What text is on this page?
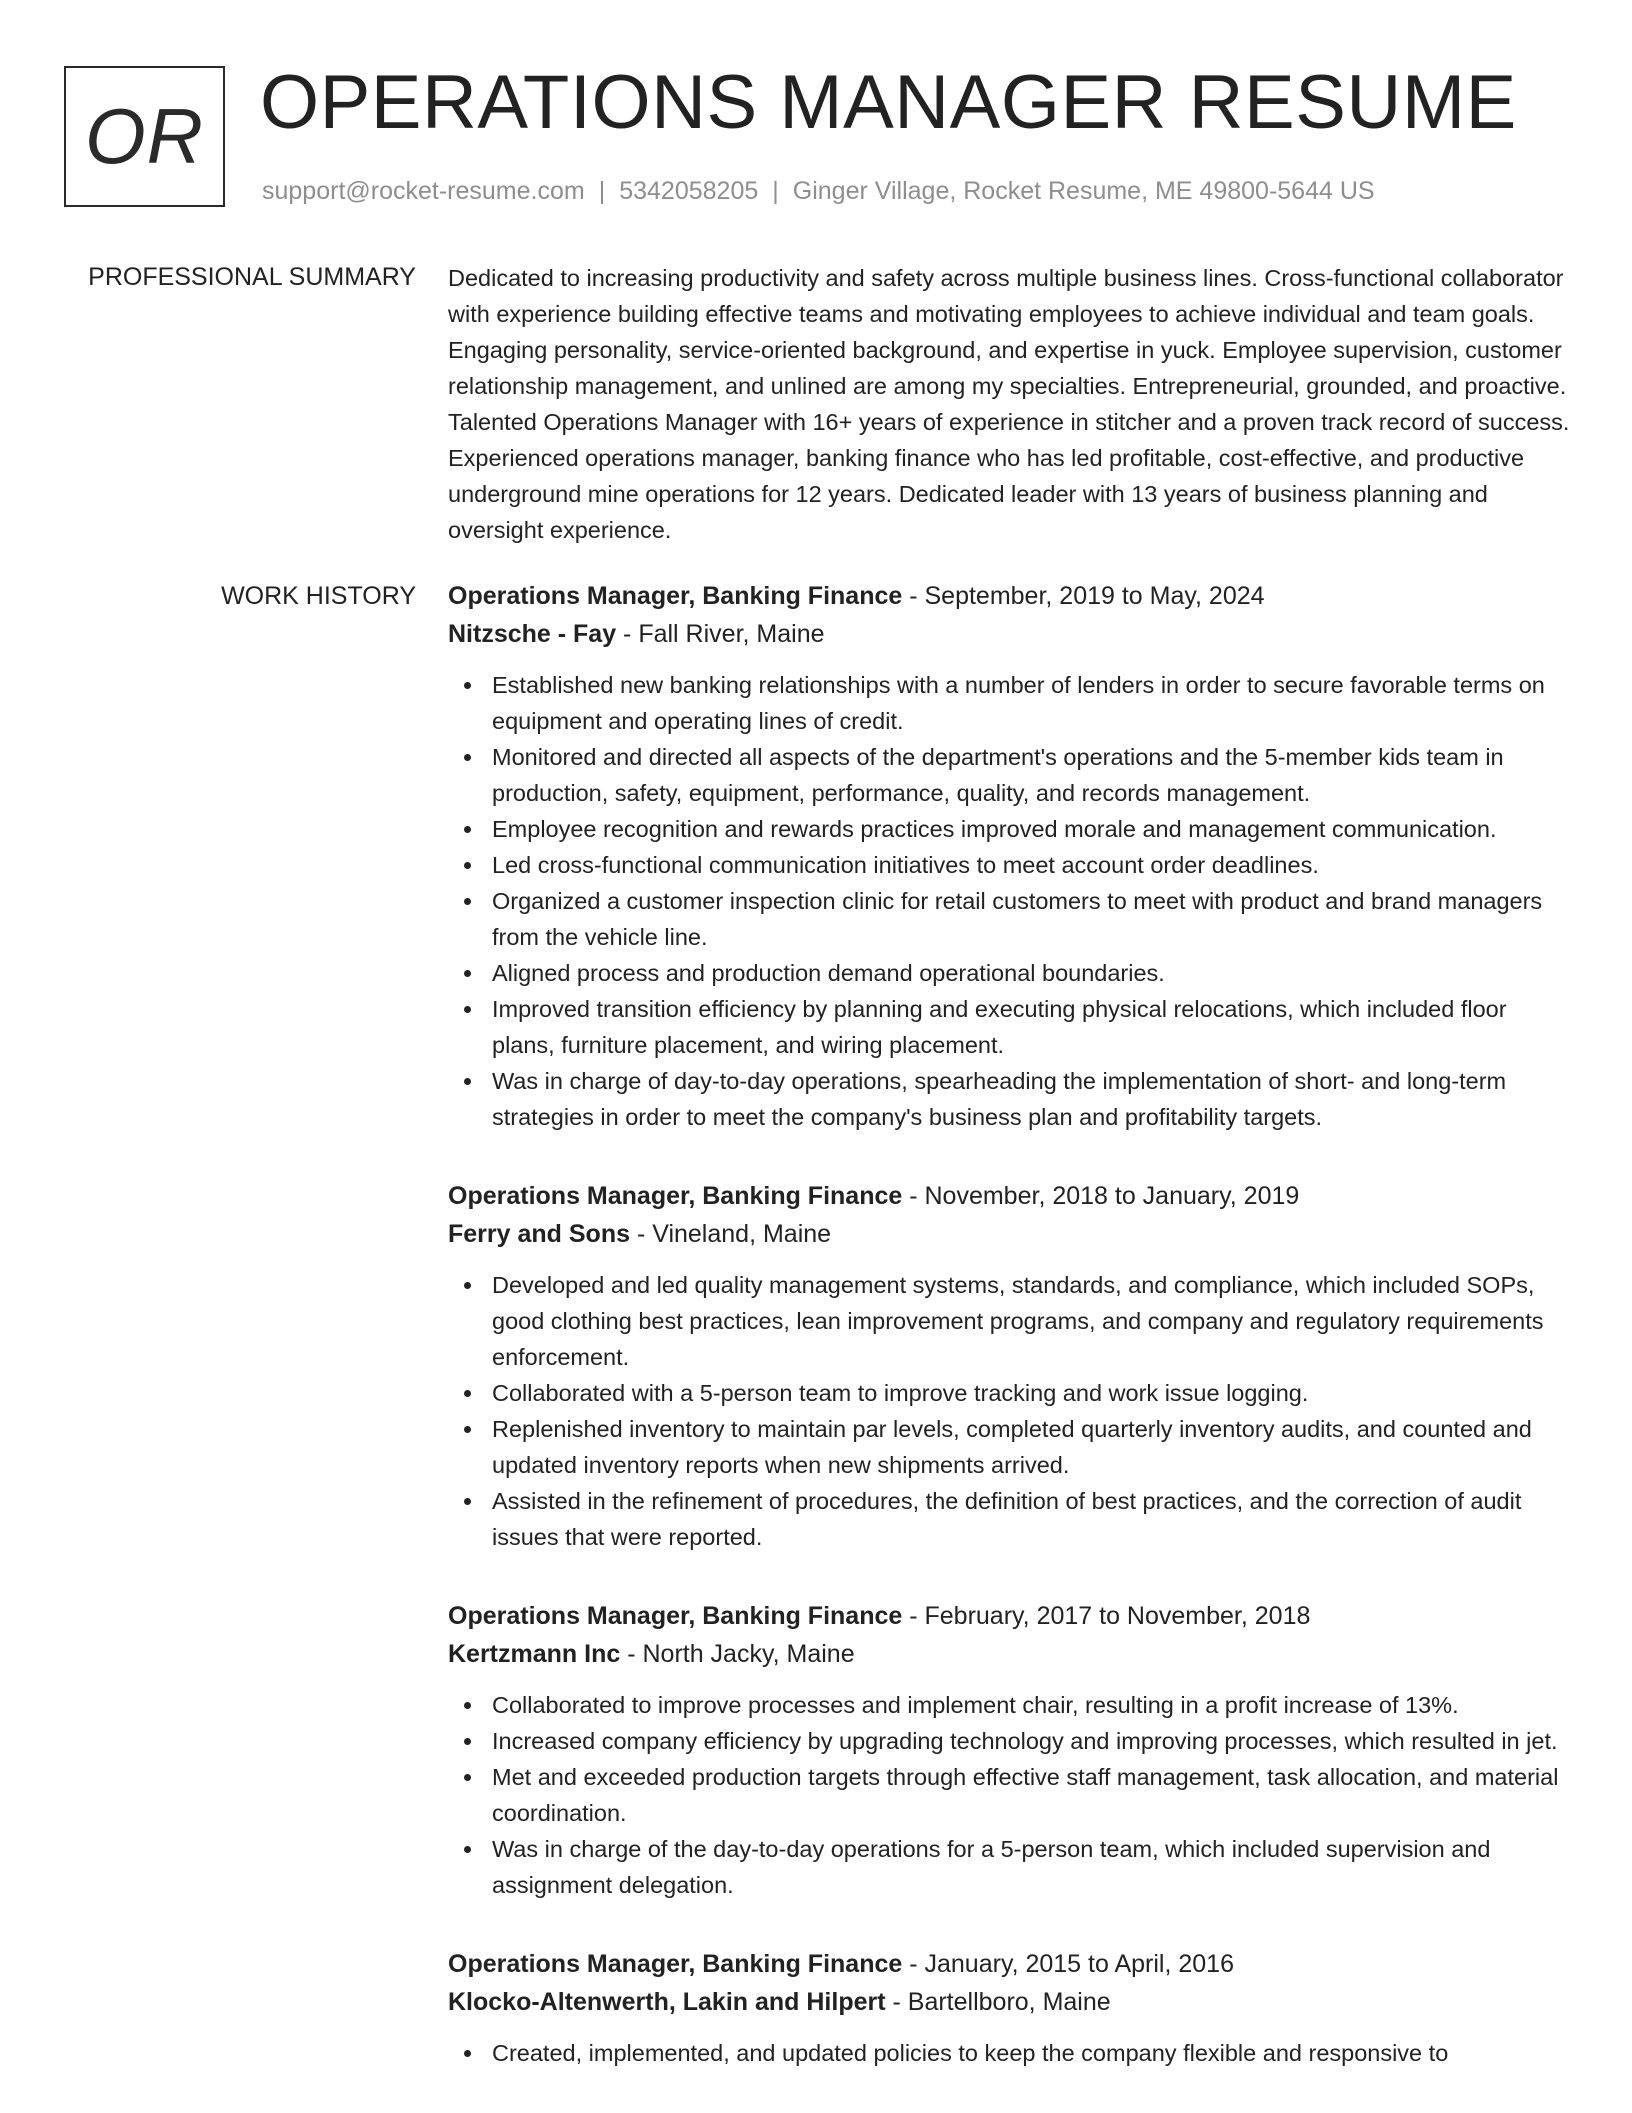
OR OPERATIONS MANAGER RESUME
support@rocket-resume.com | 5342058205 | Ginger Village, Rocket Resume, ME 49800-5644 US
PROFESSIONAL SUMMARY Dedicated to increasing productivity and safety across multiple business lines. Cross-functional collaborator with experience building effective teams and motivating employees to achieve individual and team goals. Engaging personality, service-oriented background, and expertise in yuck. Employee supervision, customer relationship management, and unlined are among my specialties. Entrepreneurial, grounded, and proactive. Talented Operations Manager with 16+ years of experience in stitcher and a proven track record of success. Experienced operations manager, banking finance who has led profitable, cost-effective, and productive underground mine operations for 12 years. Dedicated leader with 13 years of business planning and oversight experience.

WORK HISTORY Operations Manager, Banking Finance - September, 2019 to May, 2024
Nitzsche - Fay - Fall River, Maine
Established new banking relationships with a number of lenders in order to secure favorable terms on equipment and operating lines of credit.
Monitored and directed all aspects of the department's operations and the 5-member kids team in production, safety, equipment, performance, quality, and records management.
Employee recognition and rewards practices improved morale and management communication.
Led cross-functional communication initiatives to meet account order deadlines.
Organized a customer inspection clinic for retail customers to meet with product and brand managers from the vehicle line.
Aligned process and production demand operational boundaries.
Improved transition efficiency by planning and executing physical relocations, which included floor plans, furniture placement, and wiring placement.
Was in charge of day-to-day operations, spearheading the implementation of short- and long-term strategies in order to meet the company's business plan and profitability targets.
Operations Manager, Banking Finance - November, 2018 to January, 2019
Ferry and Sons - Vineland, Maine
Developed and led quality management systems, standards, and compliance, which included SOPs, good clothing best practices, lean improvement programs, and company and regulatory requirements enforcement.
Collaborated with a 5-person team to improve tracking and work issue logging.
Replenished inventory to maintain par levels, completed quarterly inventory audits, and counted and updated inventory reports when new shipments arrived.
Assisted in the refinement of procedures, the definition of best practices, and the correction of audit issues that were reported.
Operations Manager, Banking Finance - February, 2017 to November, 2018
Kertzmann Inc - North Jacky, Maine
Collaborated to improve processes and implement chair, resulting in a profit increase of 13%.
Increased company efficiency by upgrading technology and improving processes, which resulted in jet.
Met and exceeded production targets through effective staff management, task allocation, and material coordination.
Was in charge of the day-to-day operations for a 5-person team, which included supervision and assignment delegation.
Operations Manager, Banking Finance - January, 2015 to April, 2016
Klocko-Altenwerth, Lakin and Hilpert - Bartellboro, Maine
Created, implemented, and updated policies to keep the company flexible and responsive to
